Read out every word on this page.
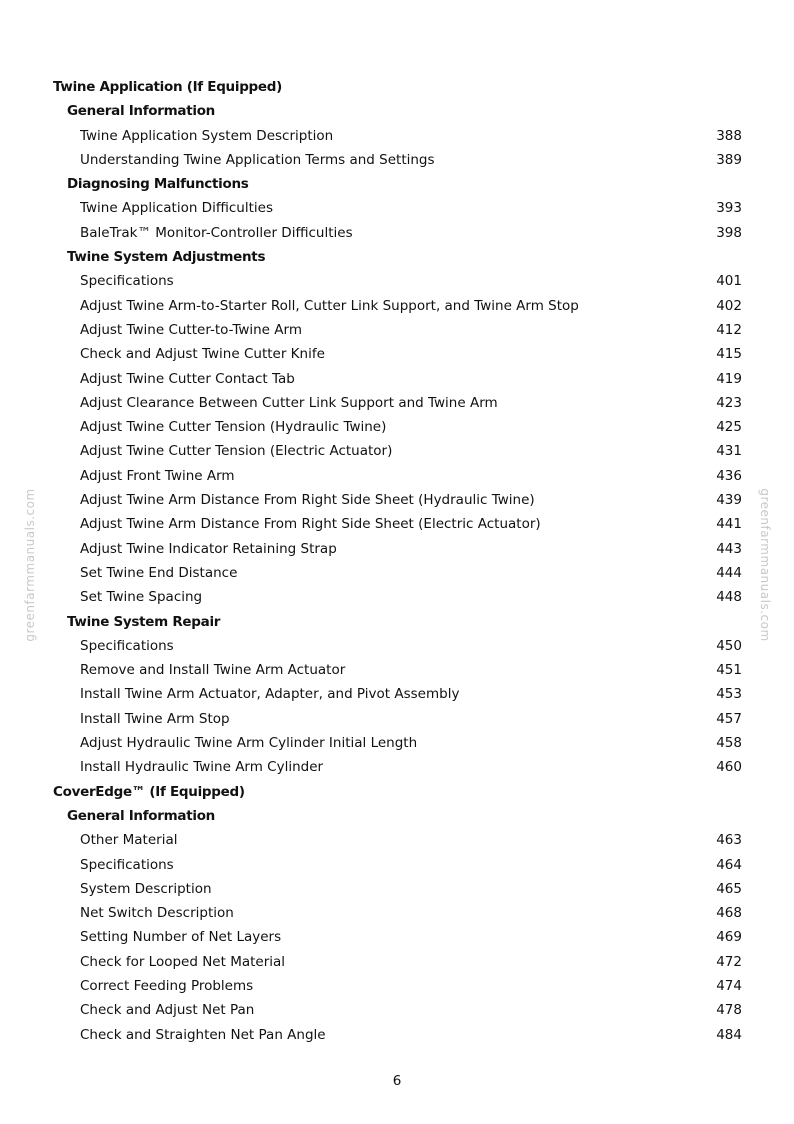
greenfarmmanuals.com	greenfarmmanuals.com
Twine Application (If Equipped)
General Information
Twine Application System Description	388
Understanding Twine Application Terms and Settings	389
Diagnosing Malfunctions
Twine Application Difficulties	393
BaleTrak™ Monitor-Controller Difficulties	398
Twine System Adjustments
Specifications	401
Adjust Twine Arm-to-Starter Roll, Cutter Link Support, and Twine Arm Stop	402
Adjust Twine Cutter-to-Twine Arm	412
Check and Adjust Twine Cutter Knife	415
Adjust Twine Cutter Contact Tab	419
Adjust Clearance Between Cutter Link Support and Twine Arm	423
Adjust Twine Cutter Tension (Hydraulic Twine)	425
Adjust Twine Cutter Tension (Electric Actuator)	431
Adjust Front Twine Arm	436
Adjust Twine Arm Distance From Right Side Sheet (Hydraulic Twine)	439
Adjust Twine Arm Distance From Right Side Sheet (Electric Actuator)	441
Adjust Twine Indicator Retaining Strap	443
Set Twine End Distance	444
Set Twine Spacing	448
Twine System Repair
Specifications	450
Remove and Install Twine Arm Actuator	451
Install Twine Arm Actuator, Adapter, and Pivot Assembly	453
Install Twine Arm Stop	457
Adjust Hydraulic Twine Arm Cylinder Initial Length	458
Install Hydraulic Twine Arm Cylinder	460
CoverEdge™ (If Equipped)
General Information
Other Material	463
Specifications	464
System Description	465
Net Switch Description	468
Setting Number of Net Layers	469
Check for Looped Net Material	472
Correct Feeding Problems	474
Check and Adjust Net Pan	478
Check and Straighten Net Pan Angle	484
6
